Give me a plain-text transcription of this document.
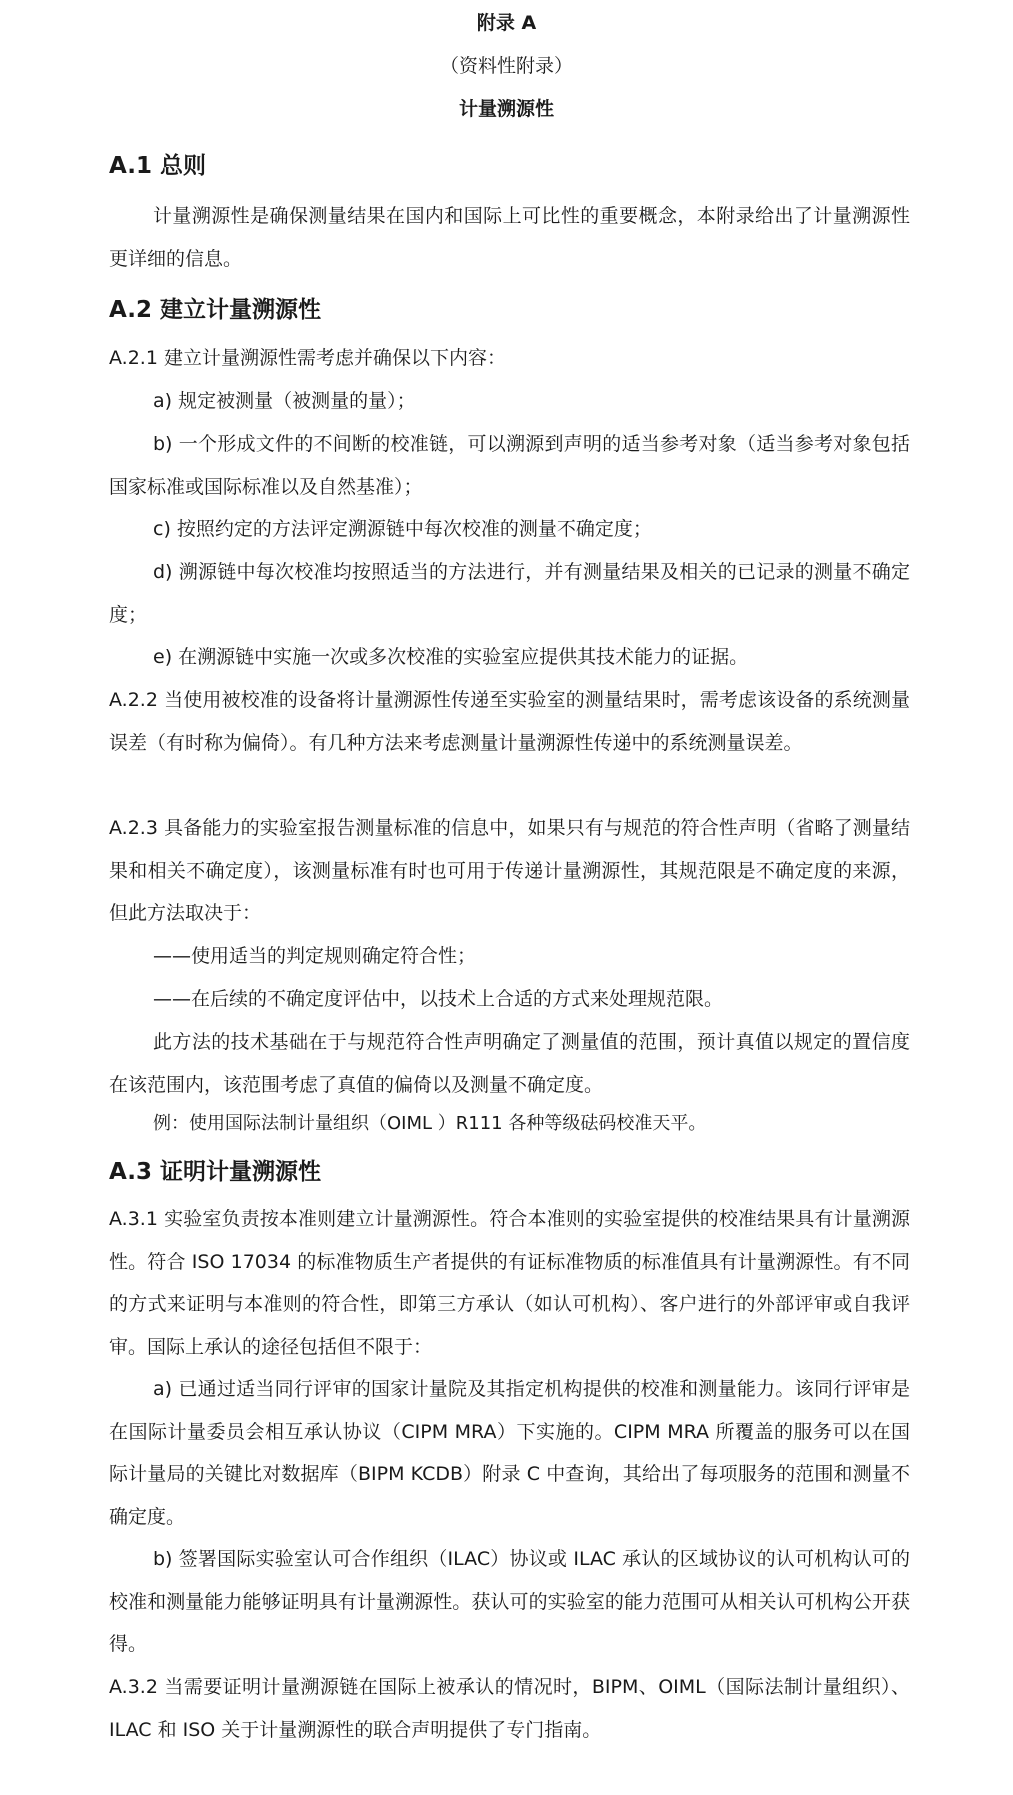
附录 A
（资料性附录）
计量溯源性
A.1 总则

计量溯源性是确保测量结果在国内和国际上可比性的重要概念，本附录给出了计量溯源性更详细的信息。

A.2 建立计量溯源性

A.2.1 建立计量溯源性需考虑并确保以下内容：

a) 规定被测量（被测量的量）；

b) 一个形成文件的不间断的校准链，可以溯源到声明的适当参考对象（适当参考对象包括国家标准或国际标准以及自然基准）；

c) 按照约定的方法评定溯源链中每次校准的测量不确定度；

d) 溯源链中每次校准均按照适当的方法进行，并有测量结果及相关的已记录的测量不确定度；

e) 在溯源链中实施一次或多次校准的实验室应提供其技术能力的证据。

A.2.2 当使用被校准的设备将计量溯源性传递至实验室的测量结果时，需考虑该设备的系统测量误差（有时称为偏倚）。有几种方法来考虑测量计量溯源性传递中的系统测量误差。

A.2.3 具备能力的实验室报告测量标准的信息中，如果只有与规范的符合性声明（省略了测量结果和相关不确定度），该测量标准有时也可用于传递计量溯源性，其规范限是不确定度的来源，但此方法取决于：

——使用适当的判定规则确定符合性；

——在后续的不确定度评估中，以技术上合适的方式来处理规范限。

此方法的技术基础在于与规范符合性声明确定了测量值的范围，预计真值以规定的置信度在该范围内，该范围考虑了真值的偏倚以及测量不确定度。

例：使用国际法制计量组织（OIML ）R111 各种等级砝码校准天平。

A.3 证明计量溯源性

A.3.1 实验室负责按本准则建立计量溯源性。符合本准则的实验室提供的校准结果具有计量溯源性。符合 ISO 17034 的标准物质生产者提供的有证标准物质的标准值具有计量溯源性。有不同的方式来证明与本准则的符合性，即第三方承认（如认可机构）、客户进行的外部评审或自我评审。国际上承认的途径包括但不限于：

a) 已通过适当同行评审的国家计量院及其指定机构提供的校准和测量能力。该同行评审是在国际计量委员会相互承认协议（CIPM MRA）下实施的。CIPM MRA 所覆盖的服务可以在国际计量局的关键比对数据库（BIPM KCDB）附录 C 中查询，其给出了每项服务的范围和测量不确定度。

b) 签署国际实验室认可合作组织（ILAC）协议或 ILAC 承认的区域协议的认可机构认可的校准和测量能力能够证明具有计量溯源性。获认可的实验室的能力范围可从相关认可机构公开获得。

A.3.2 当需要证明计量溯源链在国际上被承认的情况时，BIPM、OIML（国际法制计量组织）、ILAC 和 ISO 关于计量溯源性的联合声明提供了专门指南。
